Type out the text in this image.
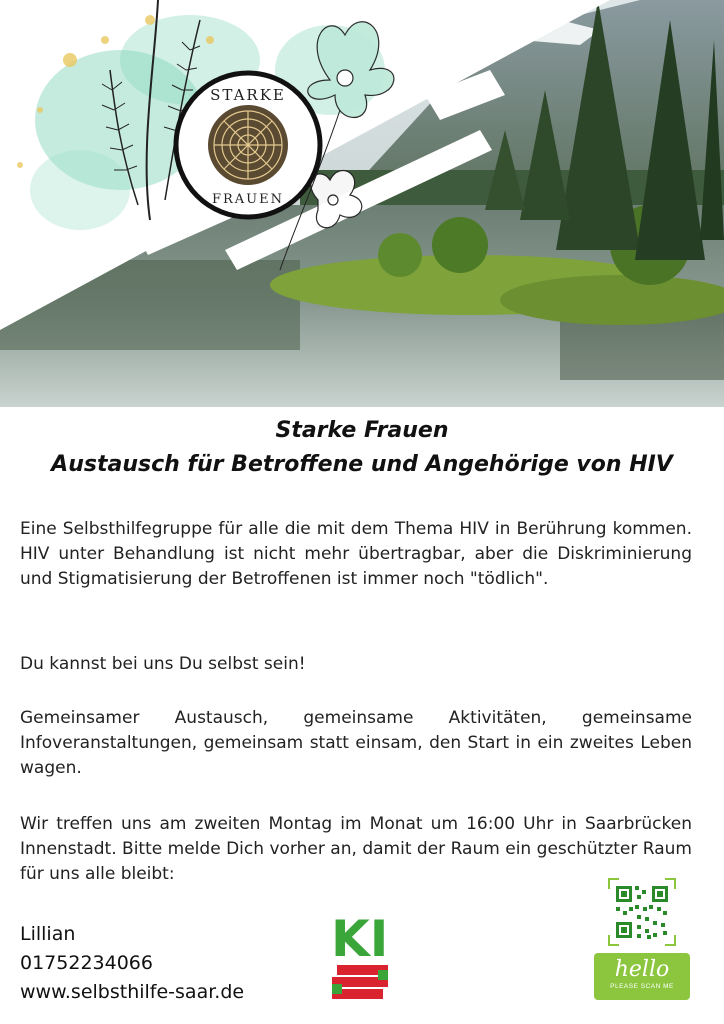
STARKE
FRAUEN
Starke Frauen
Austausch für Betroffene und Angehörige von HIV
Eine Selbsthilfegruppe für alle die mit dem Thema HIV in Berührung kommen. HIV unter Behandlung ist nicht mehr übertragbar, aber die Diskriminierung und Stigmatisierung der Betroffenen ist immer noch "tödlich".
Du kannst bei uns Du selbst sein!
Gemeinsamer Austausch, gemeinsame Aktivitäten, gemeinsame Infoveranstaltungen, gemeinsam statt einsam, den Start in ein zweites Leben wagen.
Wir treffen uns am zweiten Montag im Monat um 16:00 Uhr in Saarbrücken Innenstadt. Bitte melde Dich vorher an, damit der Raum ein geschützter Raum für uns alle bleibt:
Lillian
01752234066
www.selbsthilfe-saar.de
KI
hello
PLEASE SCAN ME
